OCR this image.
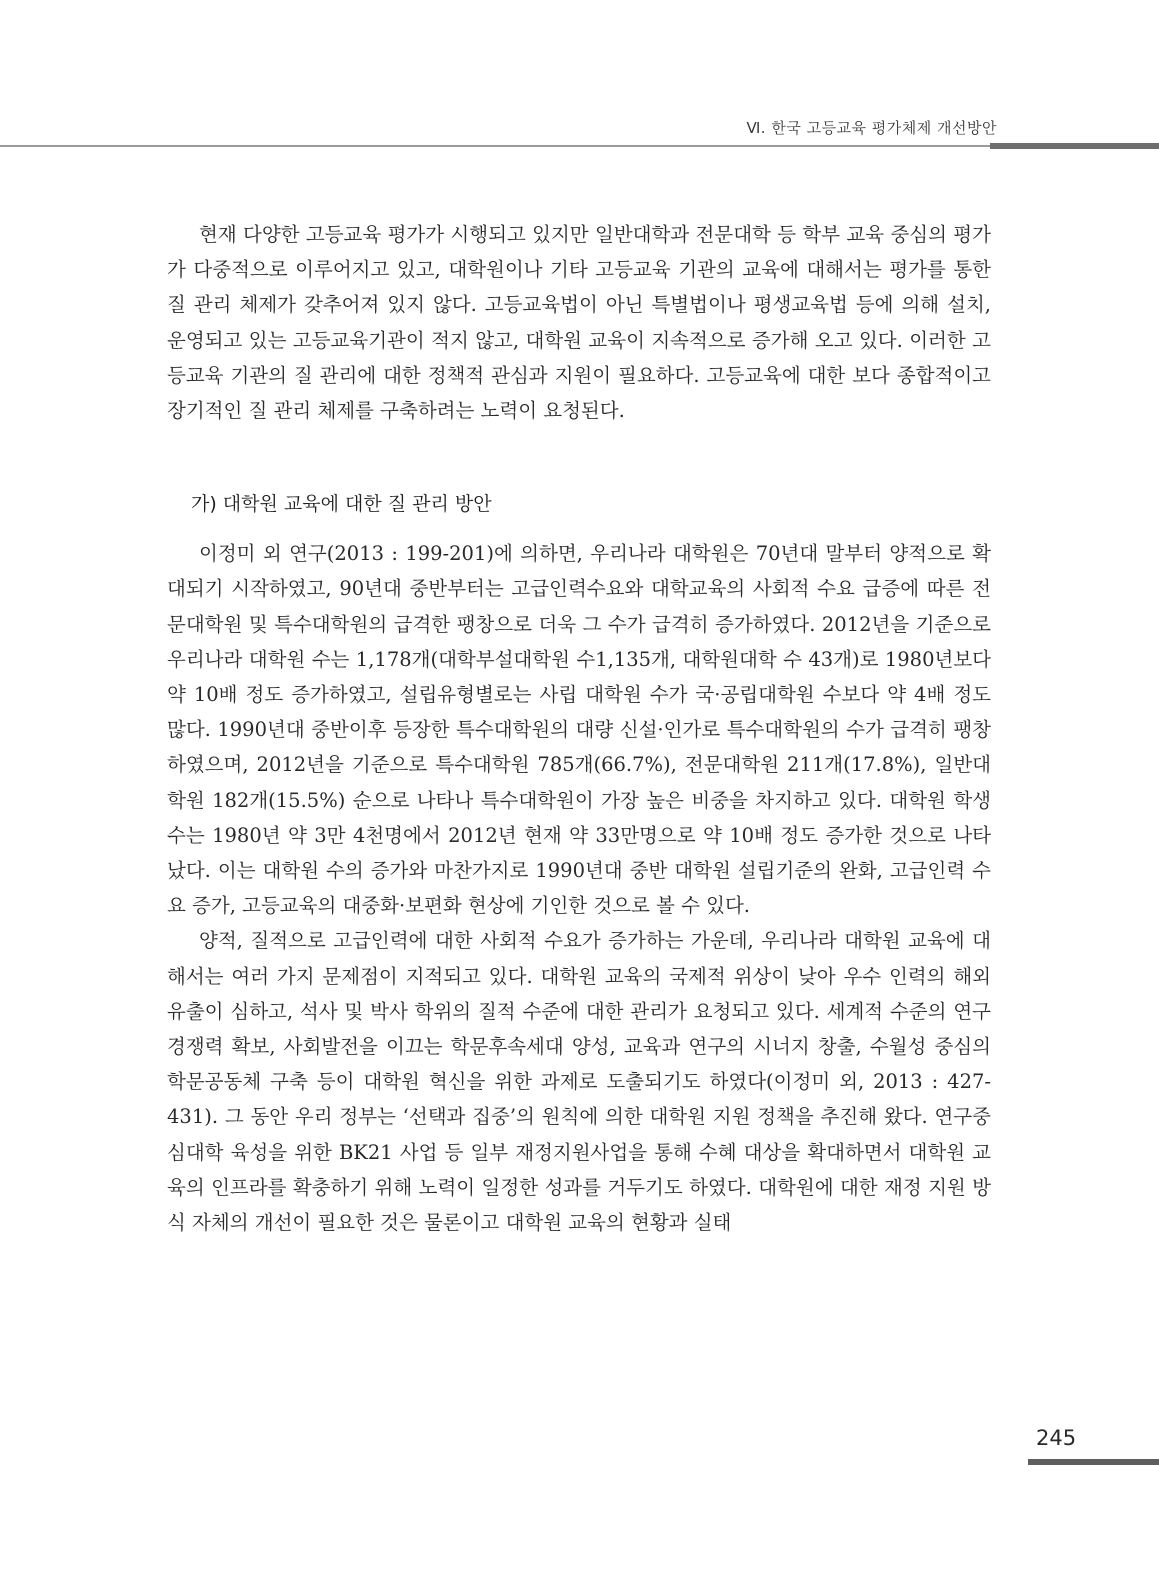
Ⅵ. 한국 고등교육 평가체제 개선방안

현재 다양한 고등교육 평가가 시행되고 있지만 일반대학과 전문대학 등 학부 교육 중심의 평가가 다중적으로 이루어지고 있고, 대학원이나 기타 고등교육 기관의 교육에 대해서는 평가를 통한 질 관리 체제가 갖추어져 있지 않다. 고등교육법이 아닌 특별법이나 평생교육법 등에 의해 설치, 운영되고 있는 고등교육기관이 적지 않고, 대학원 교육이 지속적으로 증가해 오고 있다. 이러한 고등교육 기관의 질 관리에 대한 정책적 관심과 지원이 필요하다. 고등교육에 대한 보다 종합적이고 장기적인 질 관리 체제를 구축하려는 노력이 요청된다.

가) 대학원 교육에 대한 질 관리 방안

이정미 외 연구(2013 : 199-201)에 의하면, 우리나라 대학원은 70년대 말부터 양적으로 확대되기 시작하였고, 90년대 중반부터는 고급인력수요와 대학교육의 사회적 수요 급증에 따른 전문대학원 및 특수대학원의 급격한 팽창으로 더욱 그 수가 급격히 증가하였다. 2012년을 기준으로 우리나라 대학원 수는 1,178개(대학부설대학원 수1,135개, 대학원대학 수 43개)로 1980년보다 약 10배 정도 증가하였고, 설립유형별로는 사립 대학원 수가 국·공립대학원 수보다 약 4배 정도 많다. 1990년대 중반이후 등장한 특수대학원의 대량 신설·인가로 특수대학원의 수가 급격히 팽창하였으며, 2012년을 기준으로 특수대학원 785개(66.7%), 전문대학원 211개(17.8%), 일반대학원 182개(15.5%) 순으로 나타나 특수대학원이 가장 높은 비중을 차지하고 있다. 대학원 학생 수는 1980년 약 3만 4천명에서 2012년 현재 약 33만명으로 약 10배 정도 증가한 것으로 나타났다. 이는 대학원 수의 증가와 마찬가지로 1990년대 중반 대학원 설립기준의 완화, 고급인력 수요 증가, 고등교육의 대중화·보편화 현상에 기인한 것으로 볼 수 있다.

양적, 질적으로 고급인력에 대한 사회적 수요가 증가하는 가운데, 우리나라 대학원 교육에 대해서는 여러 가지 문제점이 지적되고 있다. 대학원 교육의 국제적 위상이 낮아 우수 인력의 해외 유출이 심하고, 석사 및 박사 학위의 질적 수준에 대한 관리가 요청되고 있다. 세계적 수준의 연구경쟁력 확보, 사회발전을 이끄는 학문후속세대 양성, 교육과 연구의 시너지 창출, 수월성 중심의 학문공동체 구축 등이 대학원 혁신을 위한 과제로 도출되기도 하였다(이정미 외, 2013 : 427-431). 그 동안 우리 정부는 ‘선택과 집중’의 원칙에 의한 대학원 지원 정책을 추진해 왔다. 연구중심대학 육성을 위한 BK21 사업 등 일부 재정지원사업을 통해 수혜 대상을 확대하면서 대학원 교육의 인프라를 확충하기 위해 노력이 일정한 성과를 거두기도 하였다. 대학원에 대한 재정 지원 방식 자체의 개선이 필요한 것은 물론이고 대학원 교육의 현황과 실태

245
